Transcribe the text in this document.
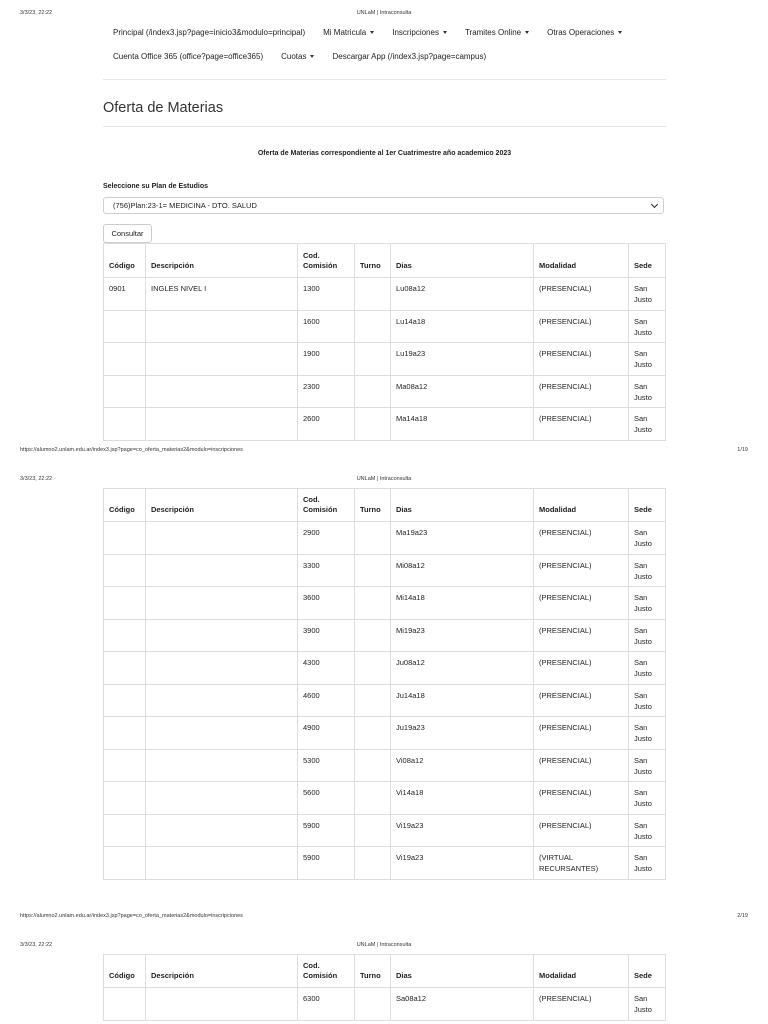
3/3/23, 22:22	UNLaM | Intraconsulta
Principal (/index3.jsp?page=inicio3&modulo=principal) Mi Matricula	Inscripciones	Tramites Online	Otras Operaciones
Cuenta Office 365 (office?page=office365) Cuotas	Descargar App (/index3.jsp?page=campus)
Oferta de Materias
Oferta de Materias correspondiente al 1er Cuatrimestre año academico 2023
Seleccione su Plan de Estudios
(756)Plan:23-1= MEDICINA - DTO. SALUD
Consultar
Código	Descripción	Cod. Comisión	Turno	Dias	Modalidad	Sede
0901	INGLES NIVEL I	1300		Lu08a12	(PRESENCIAL)	San Justo
		1600		Lu14a18	(PRESENCIAL)	San Justo
		1900		Lu19a23	(PRESENCIAL)	San Justo
		2300		Ma08a12	(PRESENCIAL)	San Justo
		2600		Ma14a18	(PRESENCIAL)	San Justo
https://alumno2.unlam.edu.ar/index3.jsp?page=co_oferta_materias2&modulo=inscripciones	1/19
3/3/23, 22:22	UNLaM | Intraconsulta
Código	Descripción	Cod. Comisión	Turno	Dias	Modalidad	Sede
		2900		Ma19a23	(PRESENCIAL)	San Justo
		3300		Mi08a12	(PRESENCIAL)	San Justo
		3600		Mi14a18	(PRESENCIAL)	San Justo
		3900		Mi19a23	(PRESENCIAL)	San Justo
		4300		Ju08a12	(PRESENCIAL)	San Justo
		4600		Ju14a18	(PRESENCIAL)	San Justo
		4900		Ju19a23	(PRESENCIAL)	San Justo
		5300		Vi08a12	(PRESENCIAL)	San Justo
		5600		Vi14a18	(PRESENCIAL)	San Justo
		5900		Vi19a23	(PRESENCIAL)	San Justo
		5900		Vi19a23	(VIRTUAL RECURSANTES)	San Justo
https://alumno2.unlam.edu.ar/index3.jsp?page=co_oferta_materias2&modulo=inscripciones	2/19
3/3/23, 22:22	UNLaM | Intraconsulta
Código	Descripción	Cod. Comisión	Turno	Dias	Modalidad	Sede
		6300		Sa08a12	(PRESENCIAL)	San Justo
